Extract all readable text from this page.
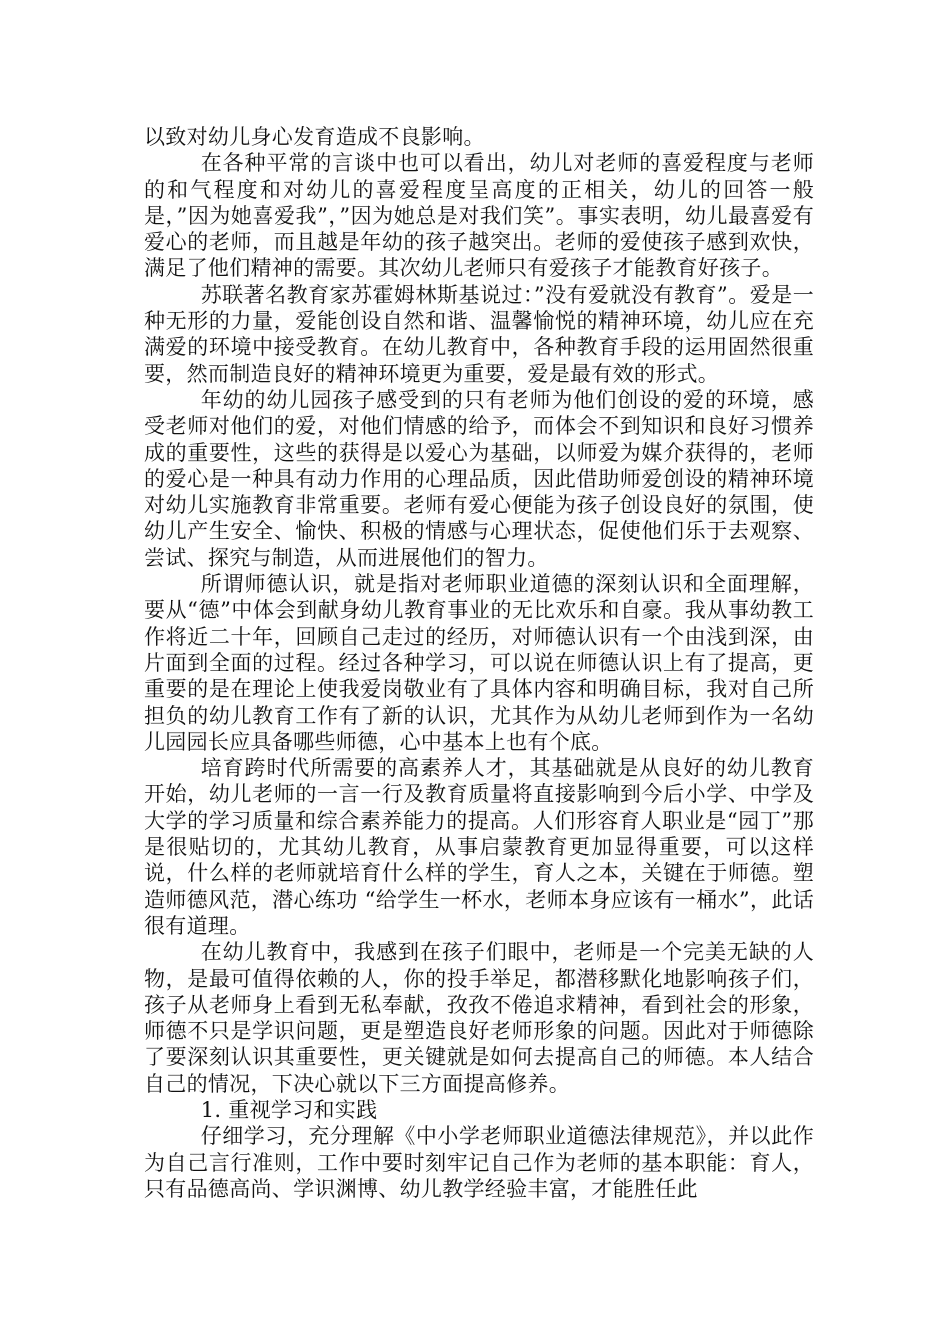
以致对幼儿身心发育造成不良影响。

在各种平常的言谈中也可以看出，幼儿对老师的喜爱程度与老师的和气程度和对幼儿的喜爱程度呈高度的正相关，幼儿的回答一般是，”因为她喜爱我”，”因为她总是对我们笑”。事实表明，幼儿最喜爱有爱心的老师，而且越是年幼的孩子越突出。老师的爱使孩子感到欢快，满足了他们精神的需要。其次幼儿老师只有爱孩子才能教育好孩子。

苏联著名教育家苏霍姆林斯基说过：”没有爱就没有教育”。爱是一种无形的力量，爱能创设自然和谐、温馨愉悦的精神环境，幼儿应在充满爱的环境中接受教育。在幼儿教育中，各种教育手段的运用固然很重要，然而制造良好的精神环境更为重要，爱是最有效的形式。

年幼的幼儿园孩子感受到的只有老师为他们创设的爱的环境，感受老师对他们的爱，对他们情感的给予，而体会不到知识和良好习惯养成的重要性，这些的获得是以爱心为基础，以师爱为媒介获得的，老师的爱心是一种具有动力作用的心理品质，因此借助师爱创设的精神环境对幼儿实施教育非常重要。老师有爱心便能为孩子创设良好的氛围，使幼儿产生安全、愉快、积极的情感与心理状态，促使他们乐于去观察、尝试、探究与制造，从而进展他们的智力。

所谓师德认识，就是指对老师职业道德的深刻认识和全面理解，要从“德”中体会到献身幼儿教育事业的无比欢乐和自豪。我从事幼教工作将近二十年，回顾自己走过的经历，对师德认识有一个由浅到深，由片面到全面的过程。经过各种学习，可以说在师德认识上有了提高，更重要的是在理论上使我爱岗敬业有了具体内容和明确目标，我对自己所担负的幼儿教育工作有了新的认识，尤其作为从幼儿老师到作为一名幼儿园园长应具备哪些师德，心中基本上也有个底。

培育跨时代所需要的高素养人才，其基础就是从良好的幼儿教育开始，幼儿老师的一言一行及教育质量将直接影响到今后小学、中学及大学的学习质量和综合素养能力的提高。人们形容育人职业是“园丁”那是很贴切的，尤其幼儿教育，从事启蒙教育更加显得重要，可以这样说，什么样的老师就培育什么样的学生，育人之本，关键在于师德。塑造师德风范，潜心练功 “给学生一杯水，老师本身应该有一桶水”，此话很有道理。

在幼儿教育中，我感到在孩子们眼中，老师是一个完美无缺的人物，是最可值得依赖的人，你的投手举足，都潜移默化地影响孩子们，孩子从老师身上看到无私奉献，孜孜不倦追求精神，看到社会的形象，师德不只是学识问题，更是塑造良好老师形象的问题。因此对于师德除了要深刻认识其重要性，更关键就是如何去提高自己的师德。本人结合自己的情况，下决心就以下三方面提高修养。

1. 重视学习和实践

仔细学习，充分理解《中小学老师职业道德法律规范》，并以此作为自己言行准则，工作中要时刻牢记自己作为老师的基本职能：育人，只有品德高尚、学识渊博、幼儿教学经验丰富，才能胜任此
